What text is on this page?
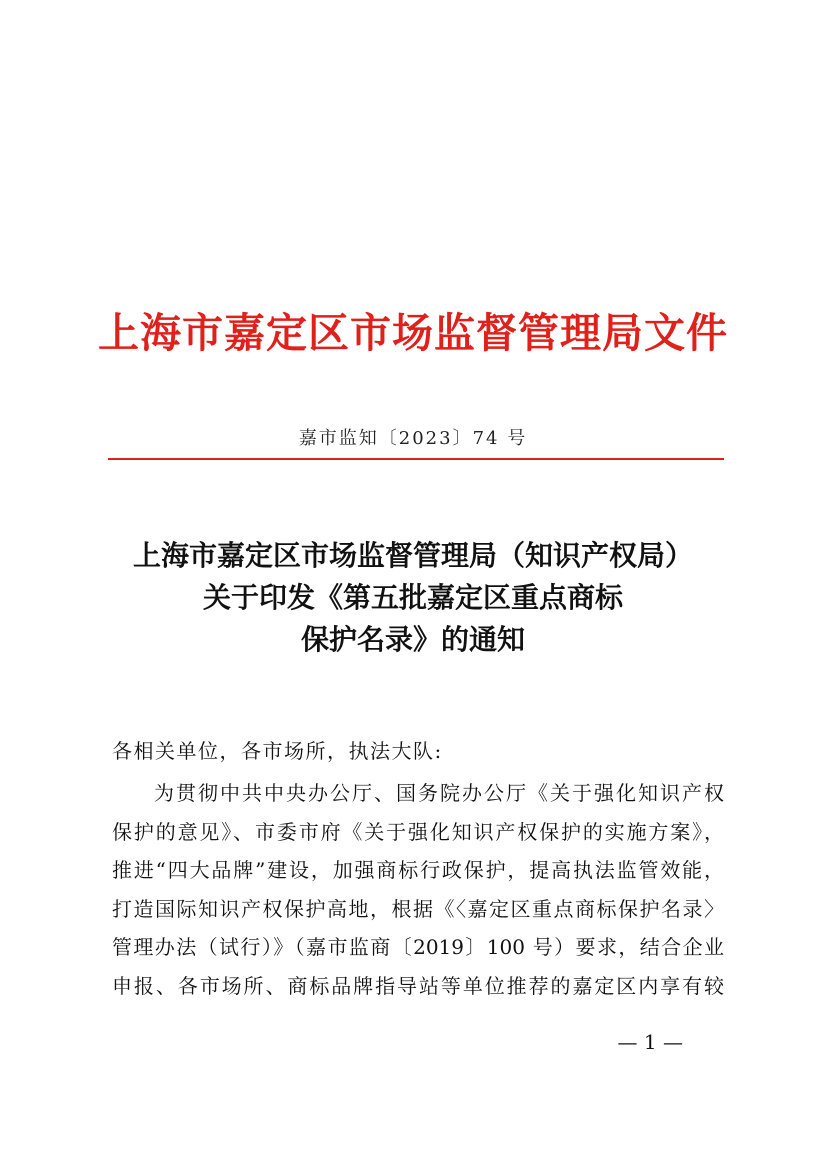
上海市嘉定区市场监督管理局文件
嘉市监知〔2023〕74 号
上海市嘉定区市场监督管理局（知识产权局）
关于印发《第五批嘉定区重点商标
保护名录》的通知
各相关单位，各市场所，执法大队:
为贯彻中共中央办公厅、国务院办公厅《关于强化知识产权
保护的意见》、市委市府《关于强化知识产权保护的实施方案》，
推进“四大品牌”建设，加强商标行政保护，提高执法监管效能，
打造国际知识产权保护高地，根据《〈嘉定区重点商标保护名录〉
管理办法（试行）》（嘉市监商〔2019〕100 号）要求，结合企业
申报、各市场所、商标品牌指导站等单位推荐的嘉定区内享有较
— 1 —
